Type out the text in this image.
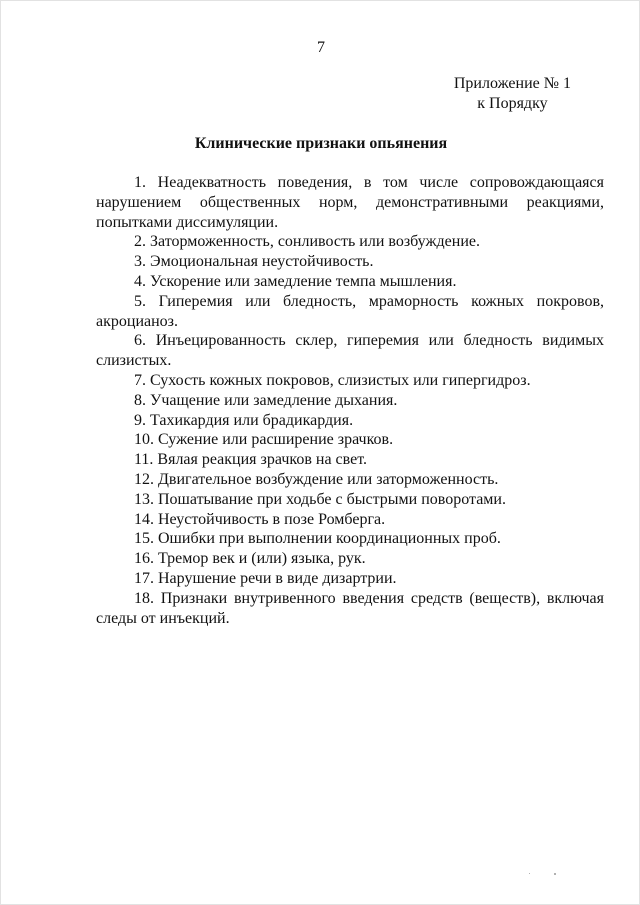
7
Приложение № 1
к Порядку
Клинические признаки опьянения

1. Неадекватность поведения, в том числе сопровождающаяся нарушением общественных норм, демонстративными реакциями, попытками диссимуляции.

2. Заторможенность, сонливость или возбуждение.

3. Эмоциональная неустойчивость.

4. Ускорение или замедление темпа мышления.

5. Гиперемия или бледность, мраморность кожных покровов, акроцианоз.

6. Инъецированность склер, гиперемия или бледность видимых слизистых.

7. Сухость кожных покровов, слизистых или гипергидроз.

8. Учащение или замедление дыхания.

9. Тахикардия или брадикардия.

10. Сужение или расширение зрачков.

11. Вялая реакция зрачков на свет.

12. Двигательное возбуждение или заторможенность.

13. Пошатывание при ходьбе с быстрыми поворотами.

14. Неустойчивость в позе Ромберга.

15. Ошибки при выполнении координационных проб.

16. Тремор век и (или) языка, рук.

17. Нарушение речи в виде дизартрии.

18. Признаки внутривенного введения средств (веществ), включая следы от инъекций.
